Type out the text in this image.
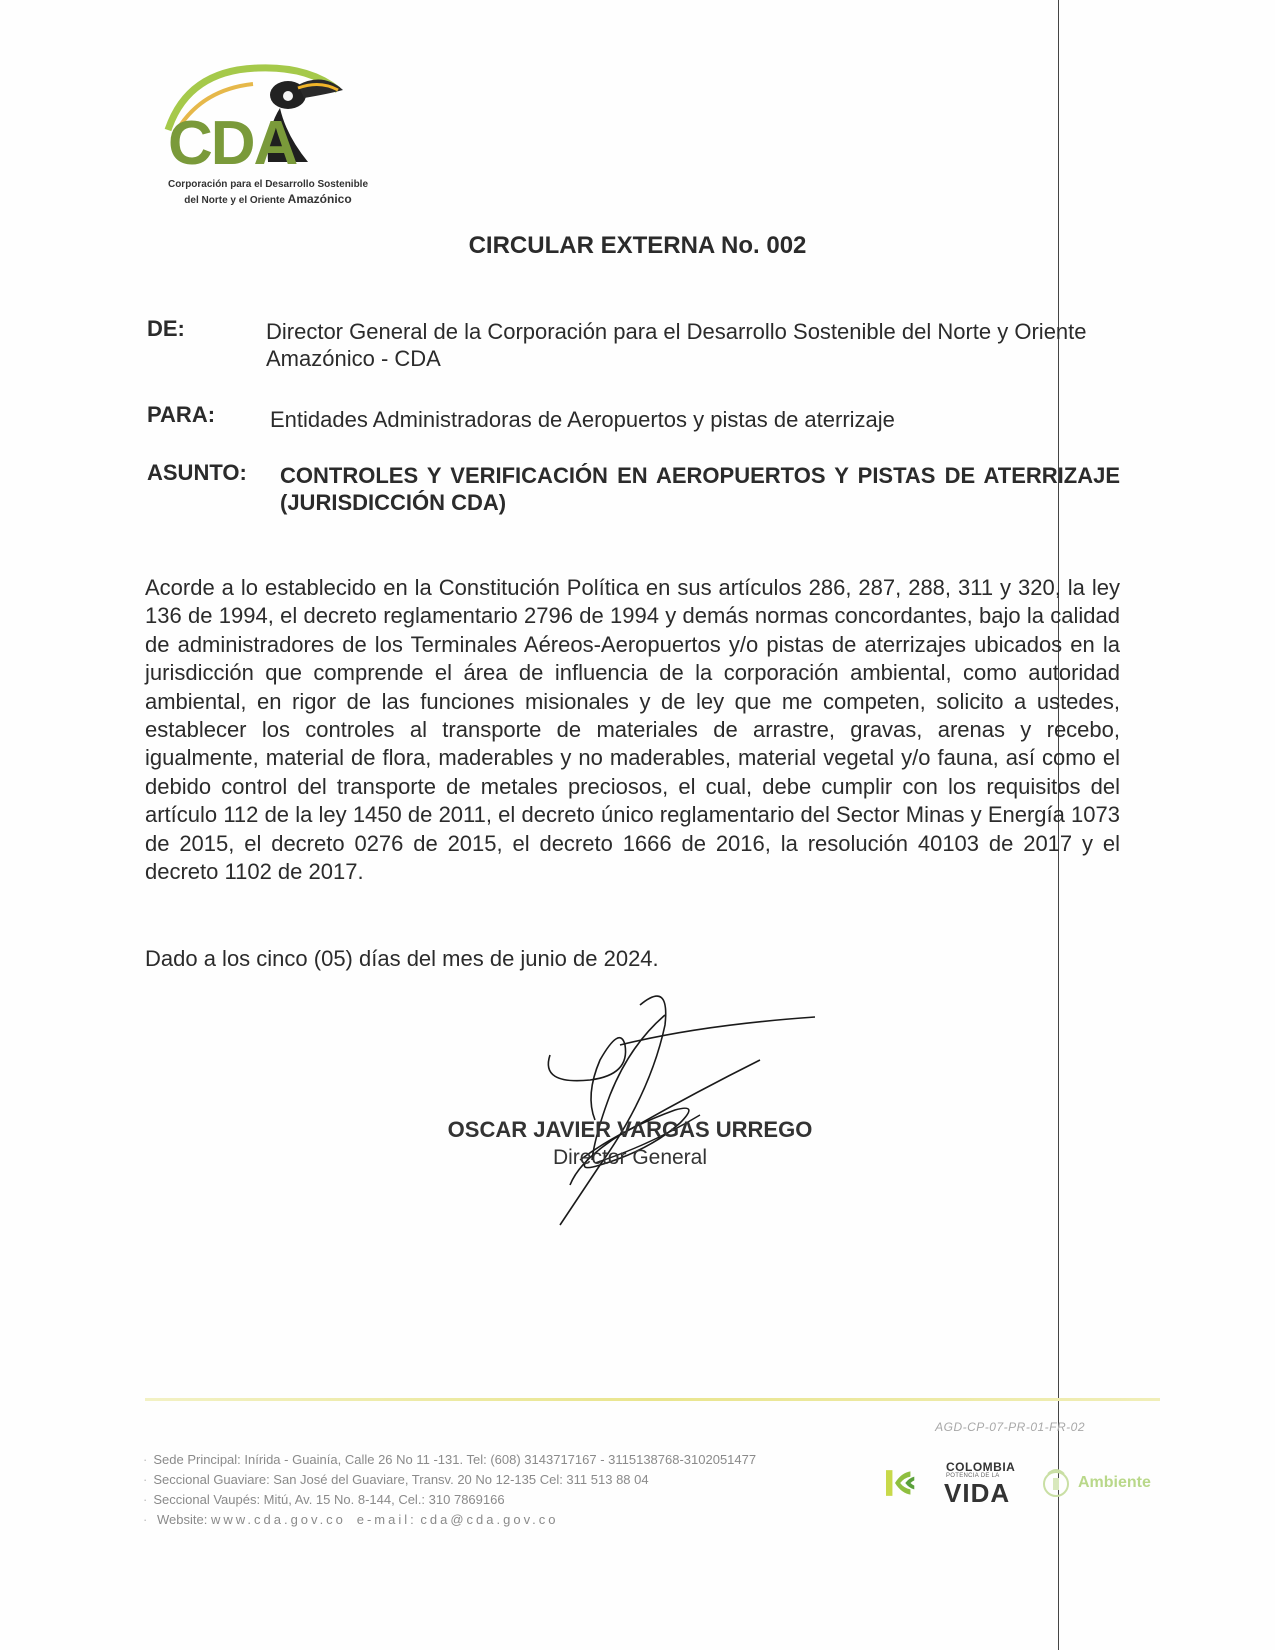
CDA
Corporación para el Desarrollo Sostenible
del Norte y el Oriente Amazónico
CIRCULAR EXTERNA No. 002
DE:	Director General de la Corporación para el Desarrollo Sostenible del Norte y Oriente Amazónico - CDA
PARA: Entidades Administradoras de Aeropuertos y pistas de aterrizaje
ASUNTO: CONTROLES Y VERIFICACIÓN EN AEROPUERTOS Y PISTAS DE ATERRIZAJE (JURISDICCIÓN CDA)
Acorde a lo establecido en la Constitución Política en sus artículos 286, 287, 288, 311 y 320, la ley 136 de 1994, el decreto reglamentario 2796 de 1994 y demás normas concordantes, bajo la calidad de administradores de los Terminales Aéreos-Aeropuertos y/o pistas de aterrizajes ubicados en la jurisdicción que comprende el área de influencia de la corporación ambiental, como autoridad ambiental, en rigor de las funciones misionales y de ley que me competen, solicito a ustedes, establecer los controles al transporte de materiales de arrastre, gravas, arenas y recebo, igualmente, material de flora, maderables y no maderables, material vegetal y/o fauna, así como el debido control del transporte de metales preciosos, el cual, debe cumplir con los requisitos del artículo 112 de la ley 1450 de 2011, el decreto único reglamentario del Sector Minas y Energía 1073 de 2015, el decreto 0276 de 2015, el decreto 1666 de 2016, la resolución 40103 de 2017 y el decreto 1102 de 2017.
Dado a los cinco (05) días del mes de junio de 2024.
OSCAR JAVIER VARGAS URREGO
Director General
AGD-CP-07-PR-01-FR-02
· Sede Principal: Inírida - Guainía, Calle 26 No 11 -131. Tel: (608) 3143717167 - 3115138768-3102051477
· Seccional Guaviare: San José del Guaviare, Transv. 20 No 12-135 Cel: 311 513 88 04
· Seccional Vaupés: Mitú, Av. 15 No. 8-144, Cel.: 310 7869166
· Website: www.cda.gov.co e-mail: cda@cda.gov.co
COLOMBIA
POTENCIA DE LA
VIDA	Ambiente
